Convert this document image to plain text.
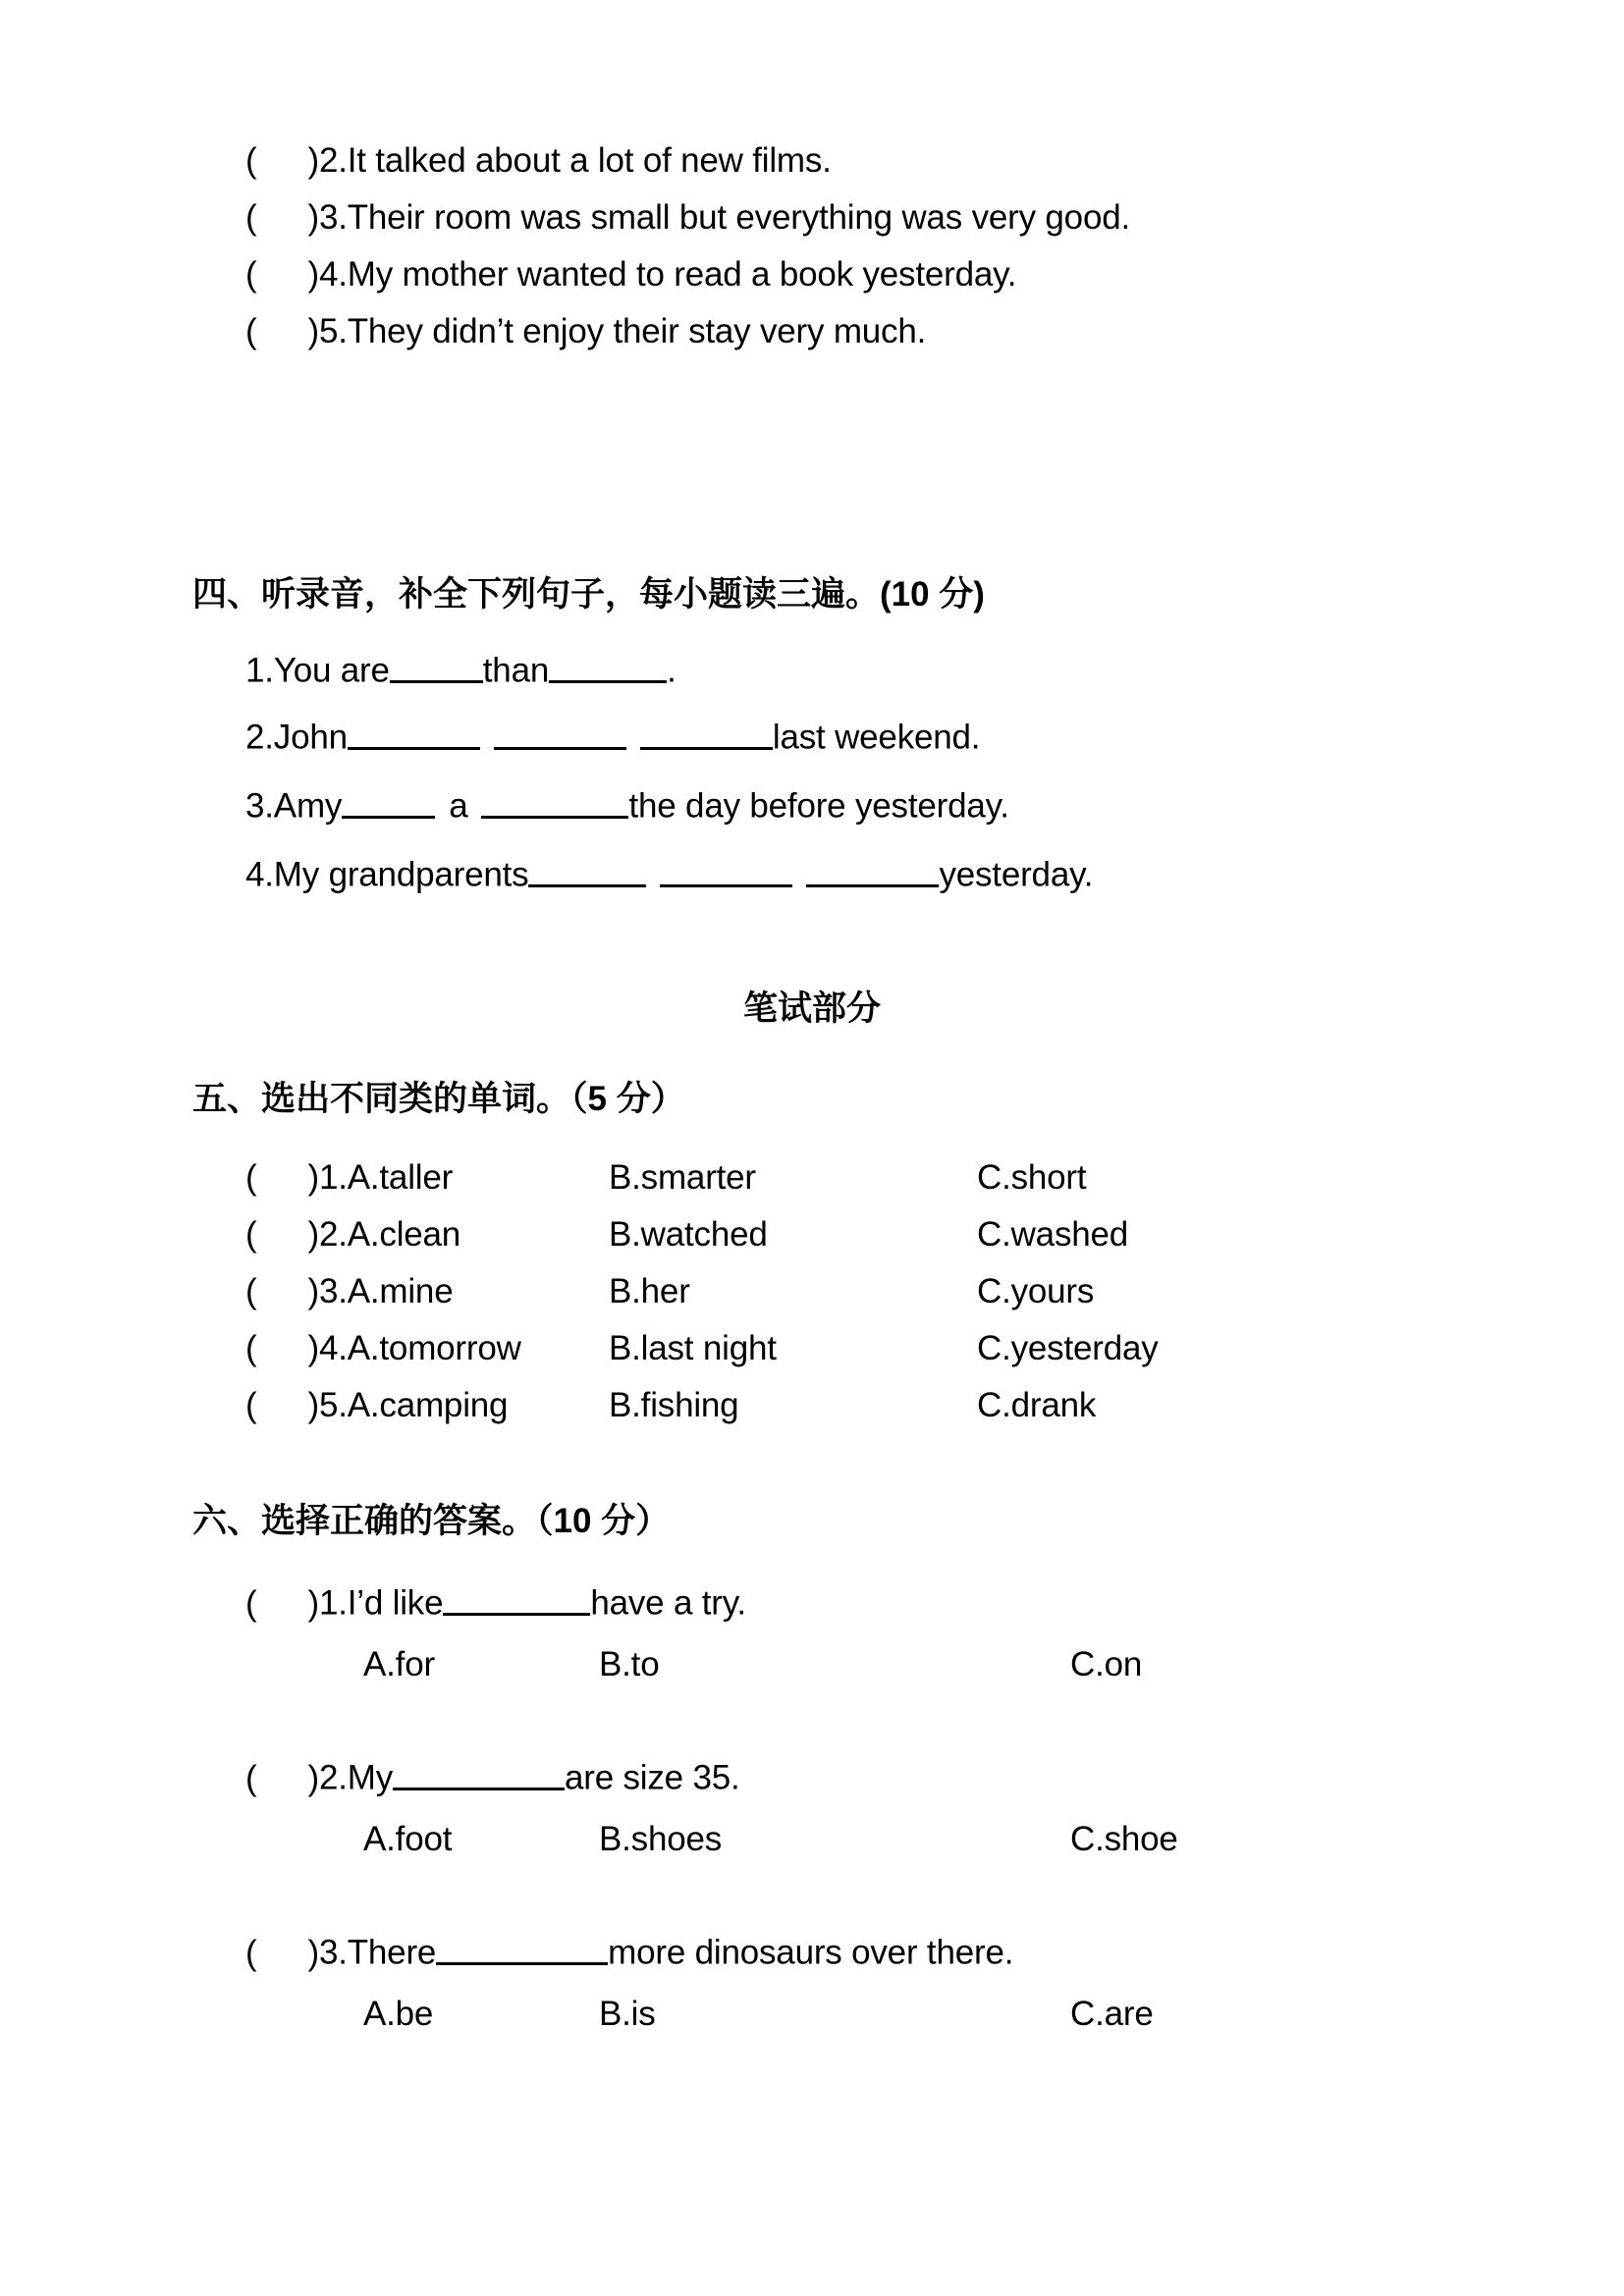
( )2.It talked about a lot of new films.
( )3.Their room was small but everything was very good.
( )4.My mother wanted to read a book yesterday.
( )5.They didn’t enjoy their stay very much.
四、听录音，补全下列句子，每小题读三遍。(10 分)
1.You are	than	.
2.John	last weekend.
3.Amy	a	the day before yesterday.
4.My grandparents	yesterday.
笔试部分
五、选出不同类的单词。（5 分）
( )1.A.taller	B.smarter	C.short
( )2.A.clean	B.watched	C.washed
( )3.A.mine	B.her	C.yours
( )4.A.tomorrow	B.last night	C.yesterday
( )5.A.camping	B.fishing	C.drank
六、选择正确的答案。（10 分）
( )1.I’d like	have a try.
A.for	B.to	C.on
( )2.My	are size 35.
A.foot	B.shoes	C.shoe
( )3.There	more dinosaurs over there.
A.be	B.is	C.are
